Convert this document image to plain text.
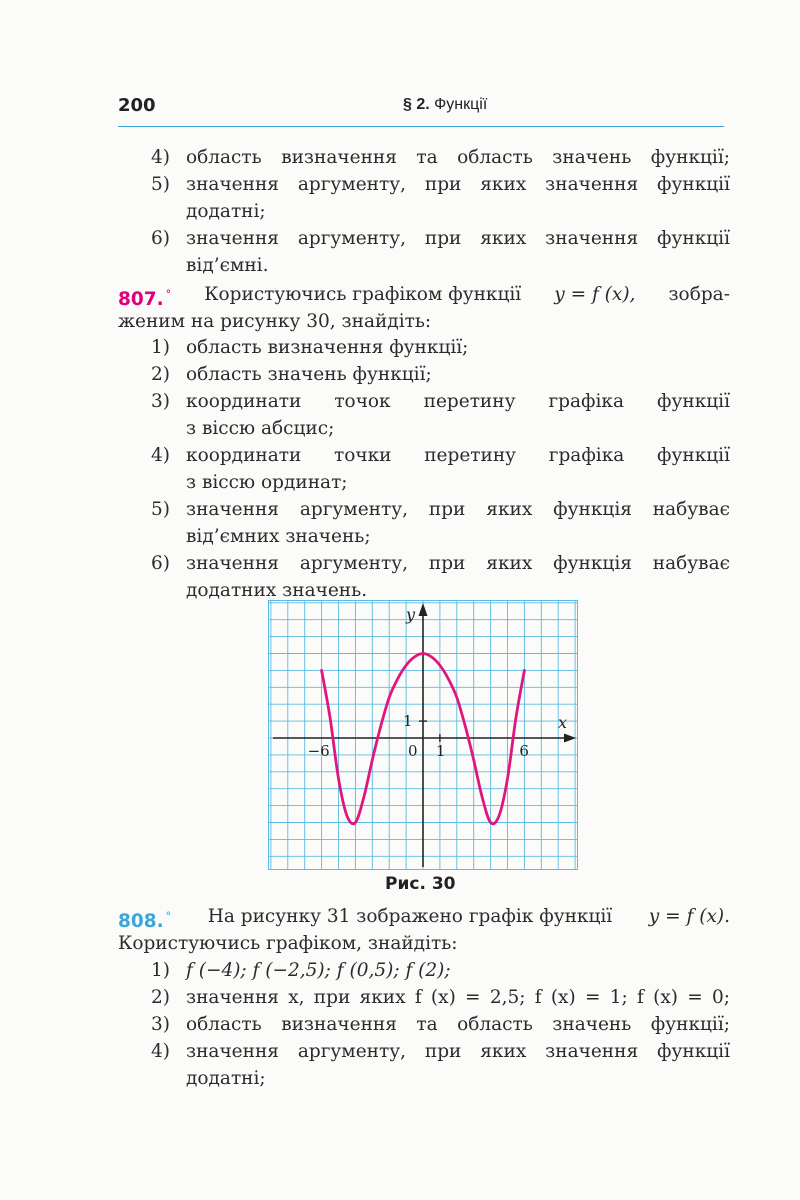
200	§ 2. Функції
4) область визначення та область значень функції;
5) значення аргументу, при яких значення функції
додатні;
6) значення аргументу, при яких значення функції
від’ємні.
807. ° Користуючись графіком функції y = f (x), зобра-
женим на рисунку 30, знайдіть:
1) область визначення функції;
2) область значень функції;
3) координати точок перетину графіка функції
з віссю абсцис;
4) координати точки перетину графіка функції
з віссю ординат;
5) значення аргументу, при яких функція набуває
від’ємних значень;
6) значення аргументу, при яких функція набуває
додатних значень.
x
y
−6	0 1	6
1
Рис. 30
808. ° На рисунку 31 зображено графік функції y = f (x).
Користуючись графіком, знайдіть:
1) f (−4); f (−2,5); f (0,5); f (2);
2) значення x, при яких f (x) = 2,5; f (x) = 1; f (x) = 0;
3) область визначення та область значень функції;
4) значення аргументу, при яких значення функції
додатні;
